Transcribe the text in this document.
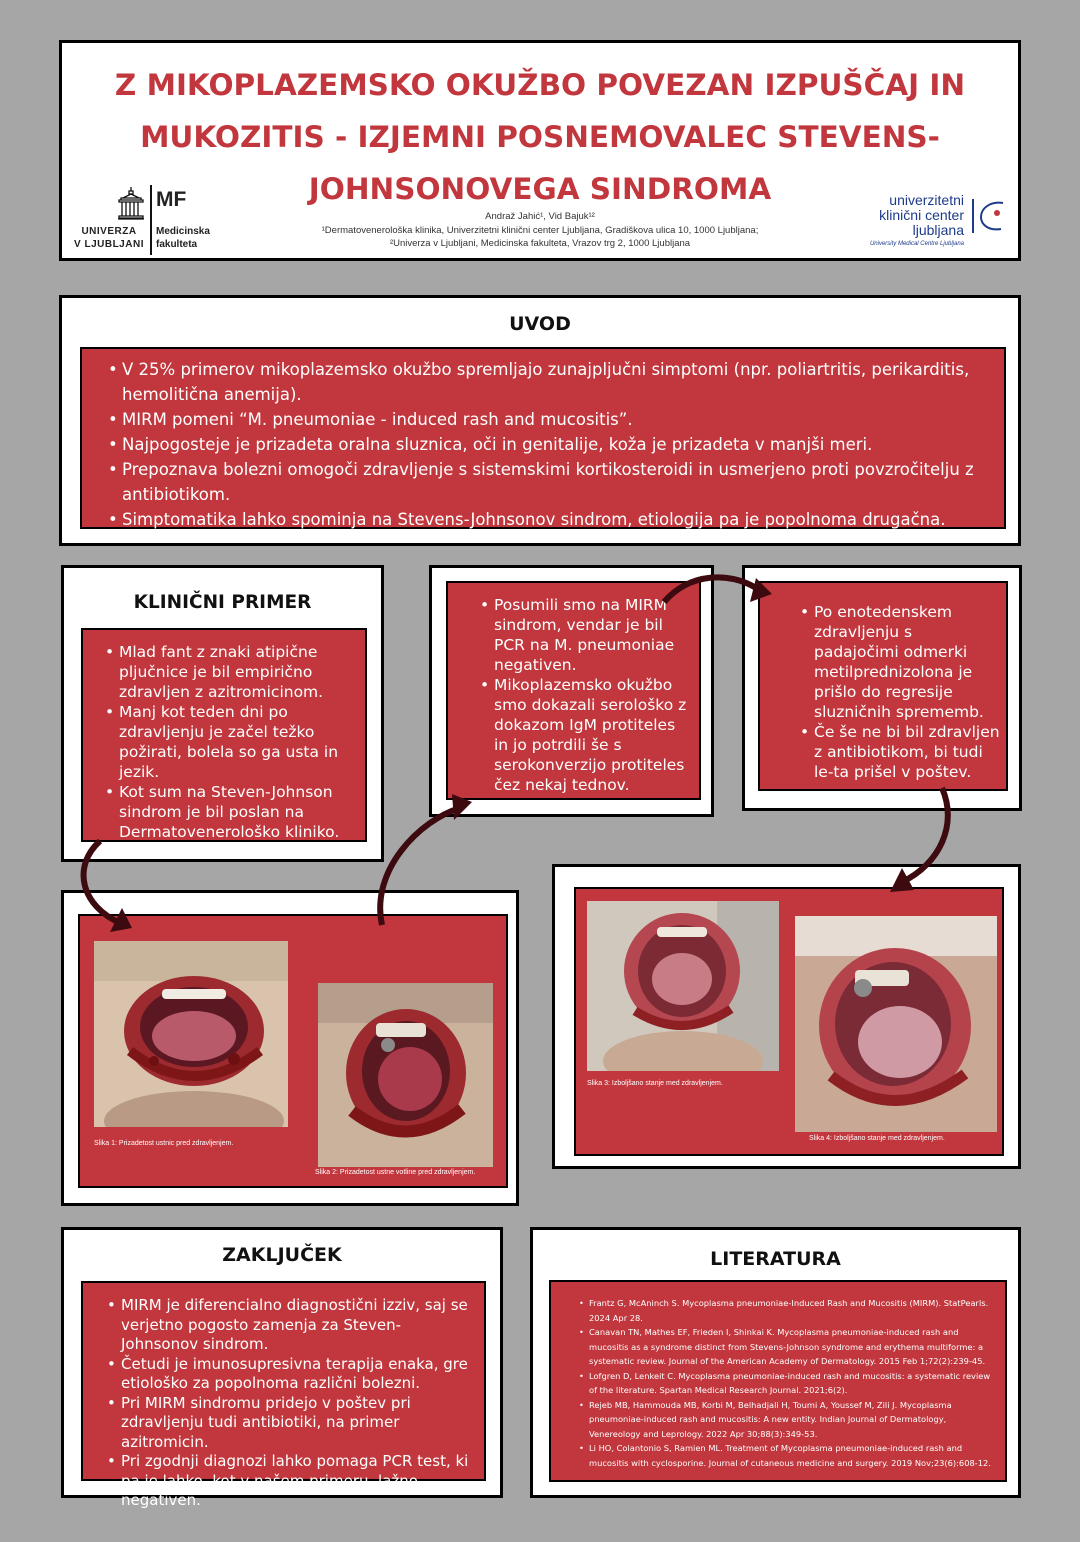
Z MIKOPLAZEMSKO OKUŽBO POVEZAN IZPUŠČAJ IN
MUKOZITIS - IZJEMNI POSNEMOVALEC STEVENS-
JOHNSONOVEGA SINDROMA
Andraž Jahić¹, Vid Bajuk¹²
¹Dermatovenerološka klinika, Univerzitetni klinični center Ljubljana, Gradiškova ulica 10, 1000 Ljubljana;
²Univerza v Ljubljani, Medicinska fakulteta, Vrazov trg 2, 1000 Ljubljana
UNIVERZA
V LJUBLJANI
MF
Medicinska
fakulteta
univerzitetni
klinični center ljubljana
University Medical Centre Ljubljana
UVOD
• V 25% primerov mikoplazemsko okužbo spremljajo zunajpljučni simptomi (npr. poliartritis, perikarditis, hemolitična anemija).
• MIRM pomeni “M. pneumoniae - induced rash and mucositis”.
• Najpogosteje je prizadeta oralna sluznica, oči in genitalije, koža je prizadeta v manjši meri.
• Prepoznava bolezni omogoči zdravljenje s sistemskimi kortikosteroidi in usmerjeno proti povzročitelju z antibiotikom.
• Simptomatika lahko spominja na Stevens-Johnsonov sindrom, etiologija pa je popolnoma drugačna.
KLINIČNI PRIMER
• Mlad fant z znaki atipične pljučnice je bil empirično zdravljen z azitromicinom.
• Manj kot teden dni po zdravljenju je začel težko požirati, bolela so ga usta in jezik.
• Kot sum na Steven-Johnson sindrom je bil poslan na Dermatovenerološko kliniko.
• Posumili smo na MIRM sindrom, vendar je bil PCR na M. pneumoniae negativen.
• Mikoplazemsko okužbo smo dokazali serološko z dokazom IgM protiteles in jo potrdili še s serokonverzijo protiteles čez nekaj tednov.
• Po enotedenskem zdravljenju s padajočimi odmerki metilprednizolona je prišlo do regresije sluzničnih sprememb.
• Če še ne bi bil zdravljen z antibiotikom, bi tudi le-ta prišel v poštev.
Slika 1: Prizadetost ustnic pred zdravljenjem.
Slika 2: Prizadetost ustne votline pred zdravljenjem.
Slika 3: Izboljšano stanje med zdravljenjem.
Slika 4: Izboljšano stanje med zdravljenjem.
ZAKLJUČEK
• MIRM je diferencialno diagnostični izziv, saj se verjetno pogosto zamenja za Steven-Johnsonov sindrom.
• Četudi je imunosupresivna terapija enaka, gre etiološko za popolnoma različni bolezni.
• Pri MIRM sindromu pridejo v poštev pri zdravljenju tudi antibiotiki, na primer azitromicin.
• Pri zgodnji diagnozi lahko pomaga PCR test, ki pa je lahko, kot v našem primeru, lažno negativen.
LITERATURA
• Frantz G, McAninch S. Mycoplasma pneumoniae-Induced Rash and Mucositis (MIRM). StatPearls. 2024 Apr 28.
• Canavan TN, Mathes EF, Frieden I, Shinkai K. Mycoplasma pneumoniae-induced rash and mucositis as a syndrome distinct from Stevens-Johnson syndrome and erythema multiforme: a systematic review. Journal of the American Academy of Dermatology. 2015 Feb 1;72(2):239-45.
• Lofgren D, Lenkeit C. Mycoplasma pneumoniae-induced rash and mucositis: a systematic review of the literature. Spartan Medical Research Journal. 2021;6(2).
• Rejeb MB, Hammouda MB, Korbi M, Belhadjali H, Toumi A, Youssef M, Zili J. Mycoplasma pneumoniae-induced rash and mucositis: A new entity. Indian Journal of Dermatology, Venereology and Leprology. 2022 Apr 30;88(3):349-53.
• Li HO, Colantonio S, Ramien ML. Treatment of Mycoplasma pneumoniae-induced rash and mucositis with cyclosporine. Journal of cutaneous medicine and surgery. 2019 Nov;23(6):608-12.
